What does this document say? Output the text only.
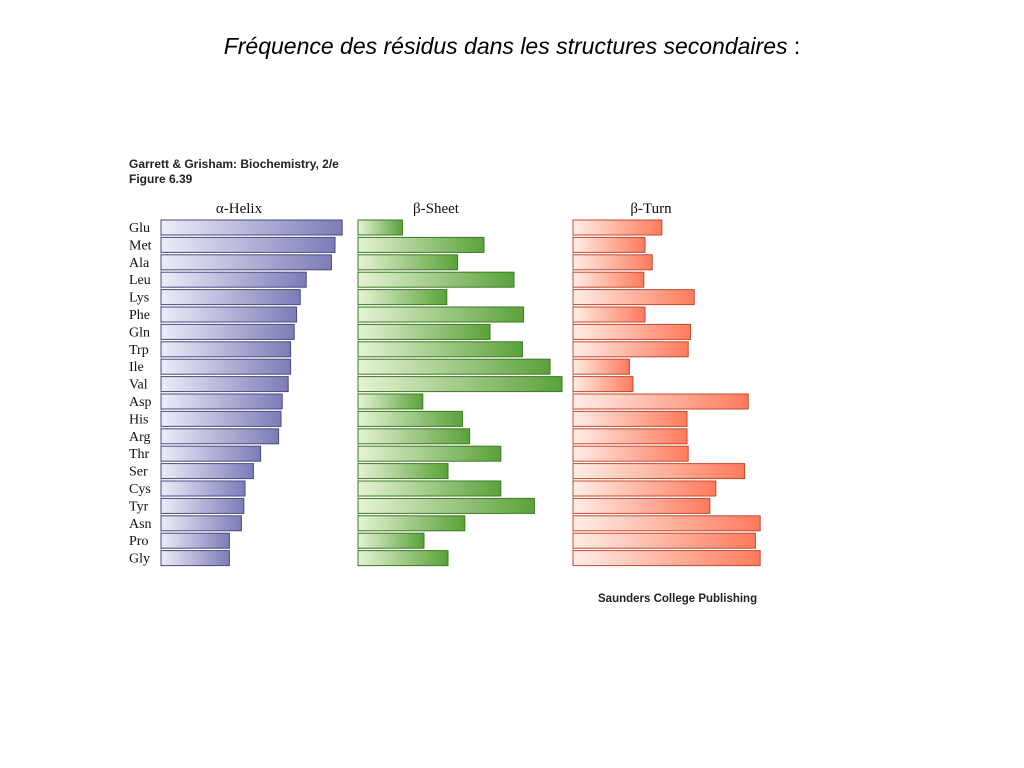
Fréquence des résidus dans les structures secondaires :
Garrett & Grisham: Biochemistry, 2/e
Figure 6.39
Glu
Met
Ala
Leu
Lys
Phe
Gln
Trp
Ile
Val
Asp
His
Arg
Thr
Ser
Cys
Tyr
Asn
Pro
Gly
α-Helix	β-Sheet	β-Turn
Saunders College Publishing
